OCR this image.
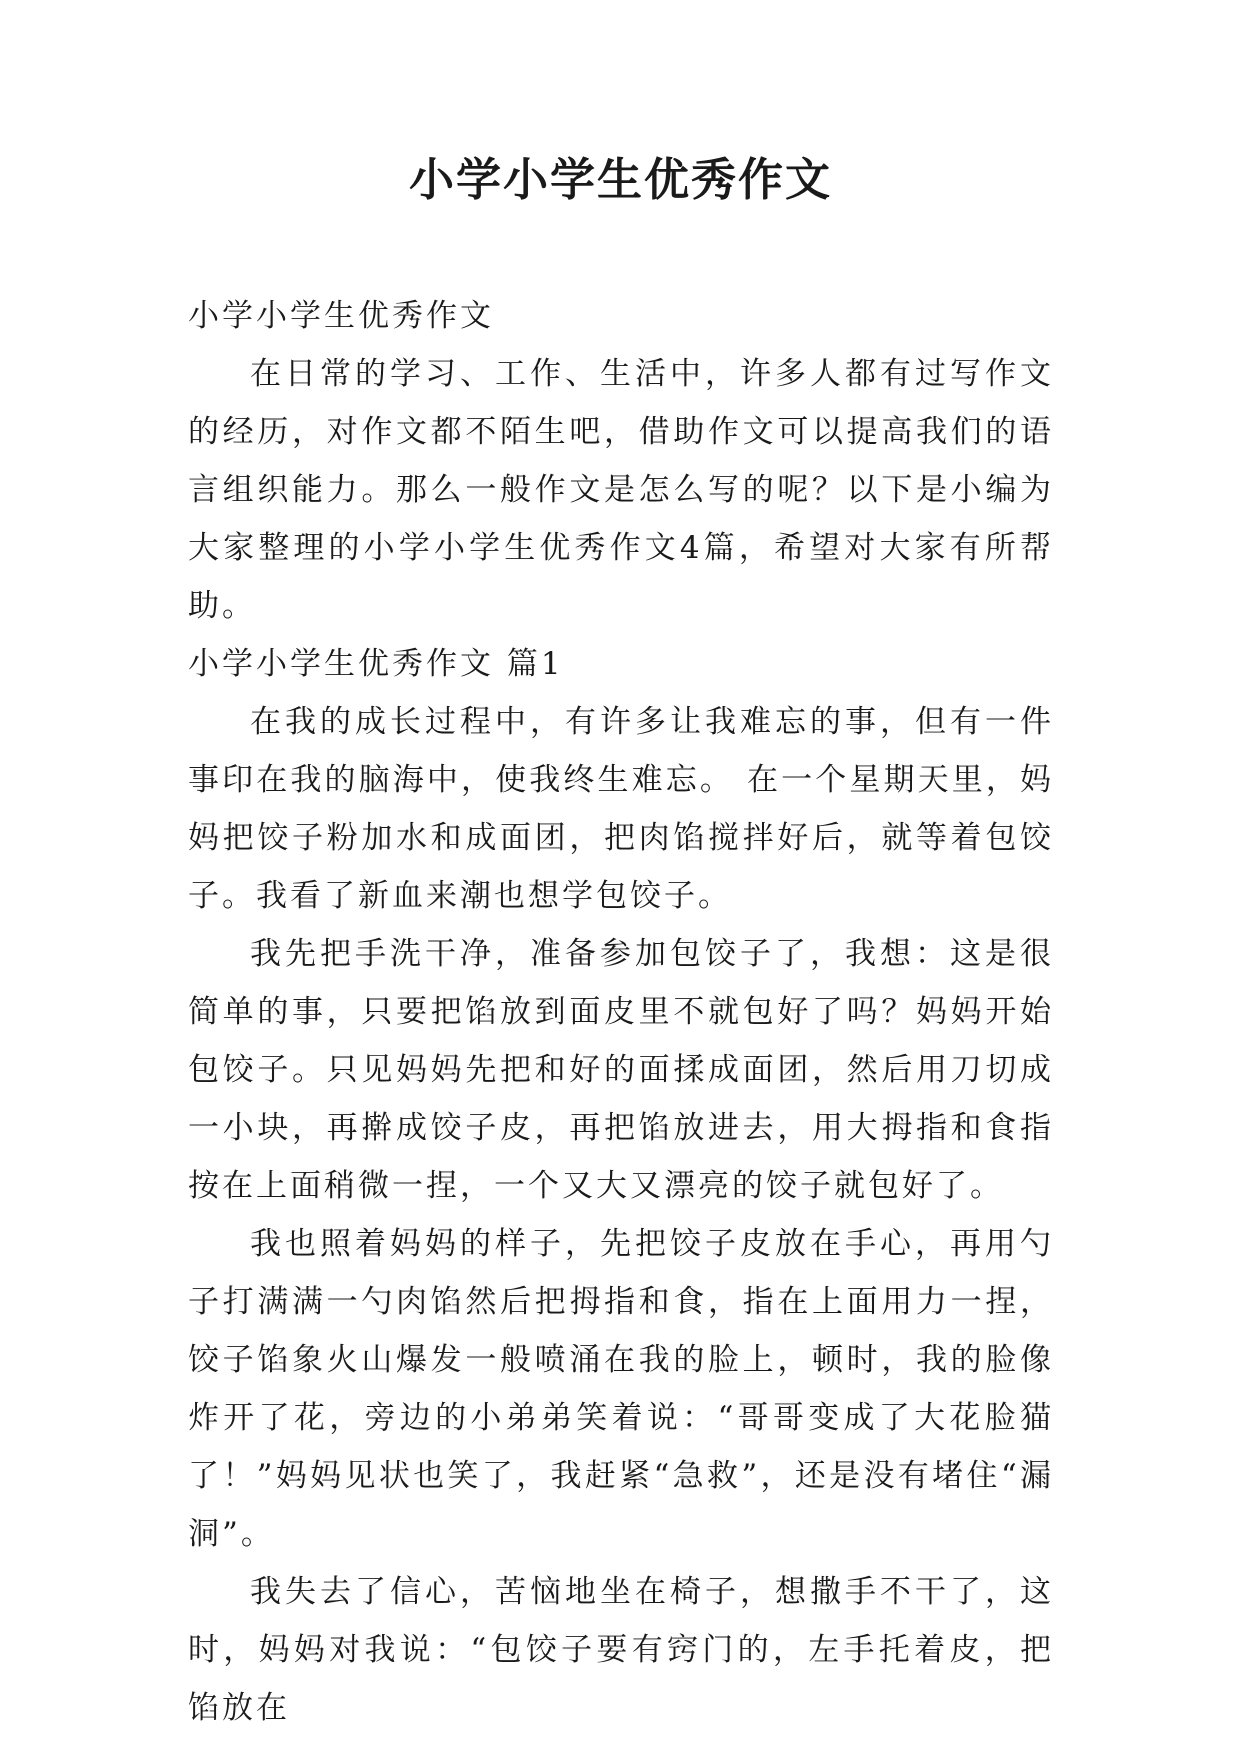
小学小学生优秀作文

小学小学生优秀作文

在日常的学习、工作、生活中，许多人都有过写作文的经历，对作文都不陌生吧，借助作文可以提高我们的语言组织能力。那么一般作文是怎么写的呢？以下是小编为大家整理的小学小学生优秀作文4篇，希望对大家有所帮助。

小学小学生优秀作文 篇1

在我的成长过程中，有许多让我难忘的事，但有一件事印在我的脑海中，使我终生难忘。 在一个星期天里，妈妈把饺子粉加水和成面团，把肉馅搅拌好后，就等着包饺子。我看了新血来潮也想学包饺子。

我先把手洗干净，准备参加包饺子了，我想：这是很简单的事，只要把馅放到面皮里不就包好了吗？妈妈开始包饺子。只见妈妈先把和好的面揉成面团，然后用刀切成一小块，再擀成饺子皮，再把馅放进去，用大拇指和食指按在上面稍微一捏，一个又大又漂亮的饺子就包好了。

我也照着妈妈的样子，先把饺子皮放在手心，再用勺子打满满一勺肉馅然后把拇指和食，指在上面用力一捏，饺子馅象火山爆发一般喷涌在我的脸上，顿时，我的脸像炸开了花，旁边的小弟弟笑着说：“哥哥变成了大花脸猫了！”妈妈见状也笑了，我赶紧“急救”，还是没有堵住“漏洞”。

我失去了信心，苦恼地坐在椅子，想撒手不干了，这时，妈妈对我说：“包饺子要有窍门的，左手托着皮，把馅放在
